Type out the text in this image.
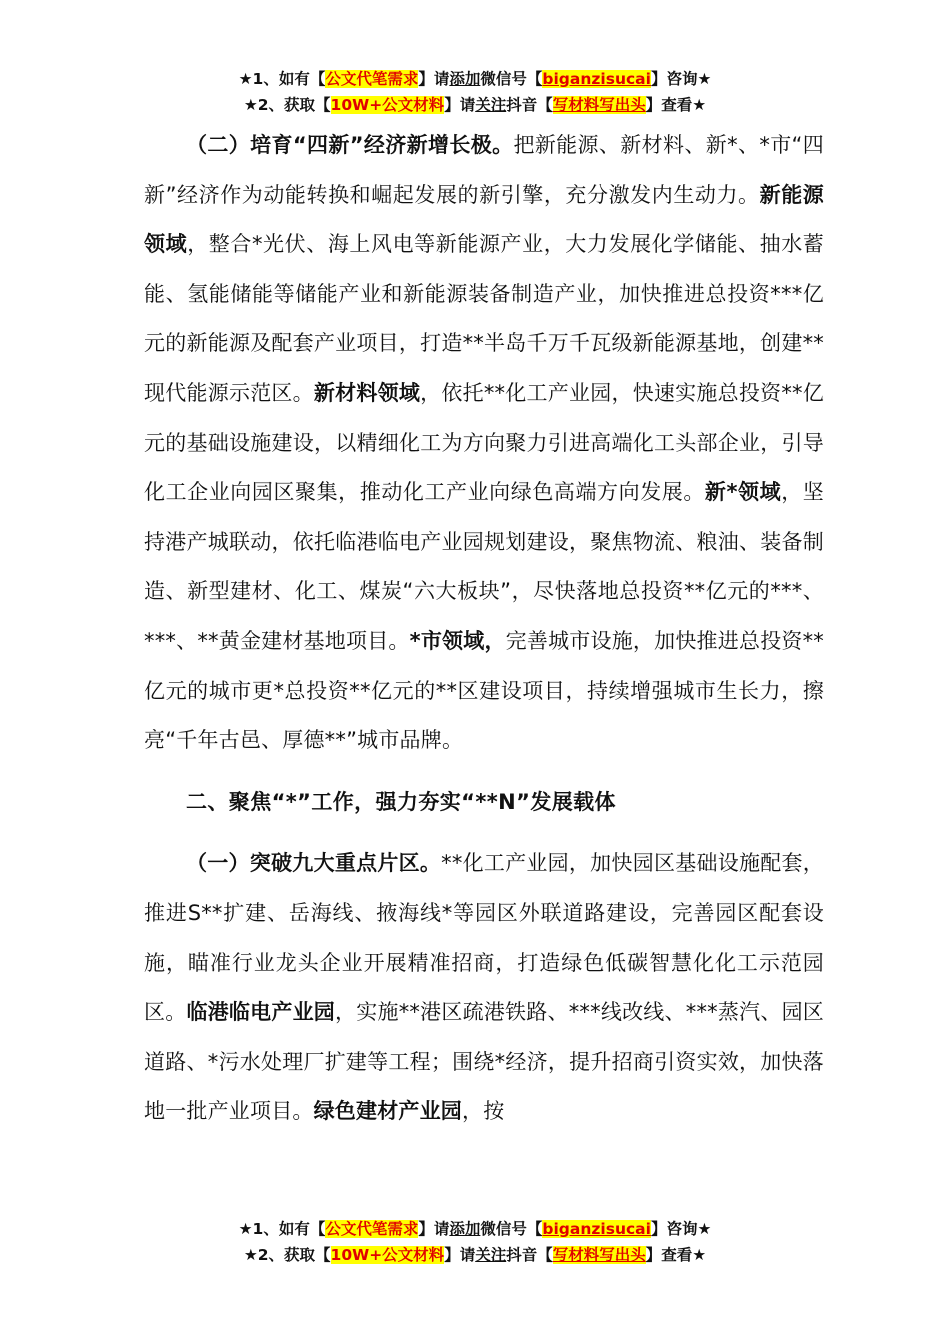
★1、如有【公文代笔需求】请添加微信号【biganzisucai】咨询★
★2、获取【10W+公文材料】请关注抖音【写材料写出头】查看★

（二）培育“四新”经济新增长极。把新能源、新材料、新*、*市“四新”经济作为动能转换和崛起发展的新引擎，充分激发内生动力。新能源领域，整合*光伏、海上风电等新能源产业，大力发展化学储能、抽水蓄能、氢能储能等储能产业和新能源装备制造产业，加快推进总投资***亿元的新能源及配套产业项目，打造**半岛千万千瓦级新能源基地，创建**现代能源示范区。新材料领域，依托**化工产业园，快速实施总投资**亿元的基础设施建设，以精细化工为方向聚力引进高端化工头部企业，引导化工企业向园区聚集，推动化工产业向绿色高端方向发展。新*领域，坚持港产城联动，依托临港临电产业园规划建设，聚焦物流、粮油、装备制造、新型建材、化工、煤炭“六大板块”，尽快落地总投资**亿元的***、***、**黄金建材基地项目。*市领域，完善城市设施，加快推进总投资**亿元的城市更*总投资**亿元的**区建设项目，持续增强城市生长力，擦亮“千年古邑、厚德**”城市品牌。

二、聚焦“*”工作，强力夯实“**N”发展载体

（一）突破九大重点片区。**化工产业园，加快园区基础设施配套，推进S**扩建、岳海线、掖海线*等园区外联道路建设，完善园区配套设施，瞄准行业龙头企业开展精准招商，打造绿色低碳智慧化化工示范园区。临港临电产业园，实施**港区疏港铁路、***线改线、***蒸汽、园区道路、*污水处理厂扩建等工程；围绕*经济，提升招商引资实效，加快落地一批产业项目。绿色建材产业园，按

★1、如有【公文代笔需求】请添加微信号【biganzisucai】咨询★
★2、获取【10W+公文材料】请关注抖音【写材料写出头】查看★
